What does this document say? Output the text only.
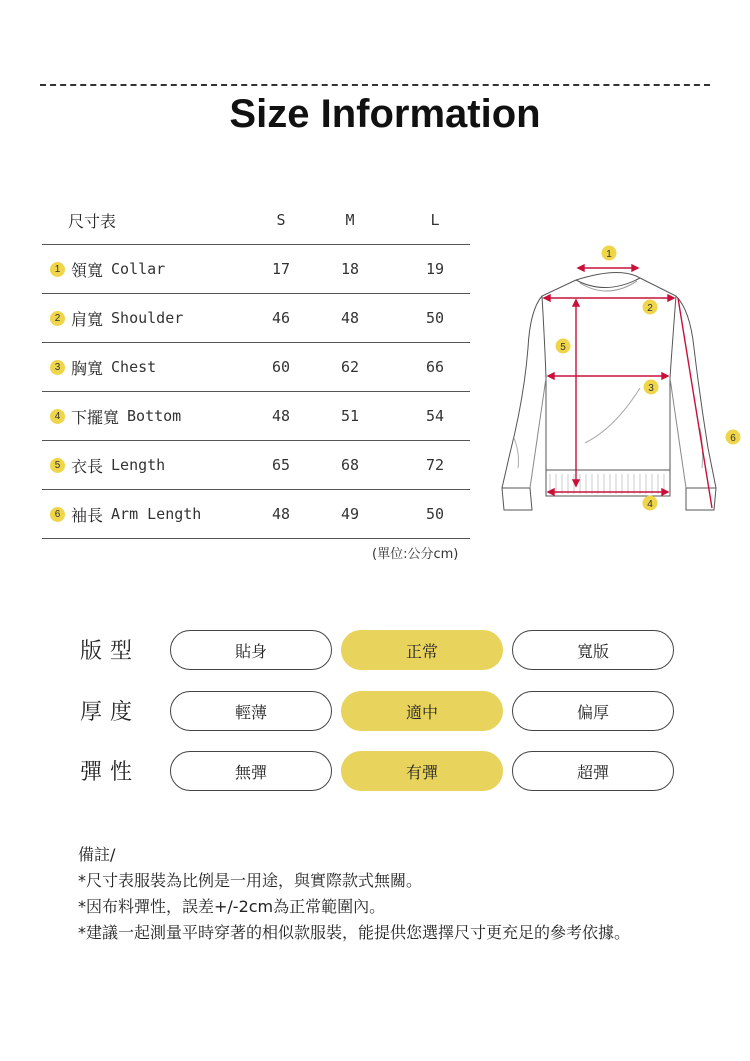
Size Information
尺寸表	S	M	L
1 領寬 Collar	17	18	19
2 肩寬 Shoulder	46	48	50
3 胸寬 Chest	60	62	66
4 下擺寬 Bottom	48	51	54
5 衣長 Length	65	68	72
6 袖長 Arm Length	48	49	50
(單位:公分cm)
1
2
3
4
5
6
版型	貼身	正常	寬版
厚度	輕薄	適中	偏厚
彈性	無彈	有彈	超彈
備註/
*尺寸表服裝為比例是一用途，與實際款式無關。
*因布料彈性，誤差+/-2cm為正常範圍內。
*建議一起測量平時穿著的相似款服裝，能提供您選擇尺寸更充足的參考依據。
